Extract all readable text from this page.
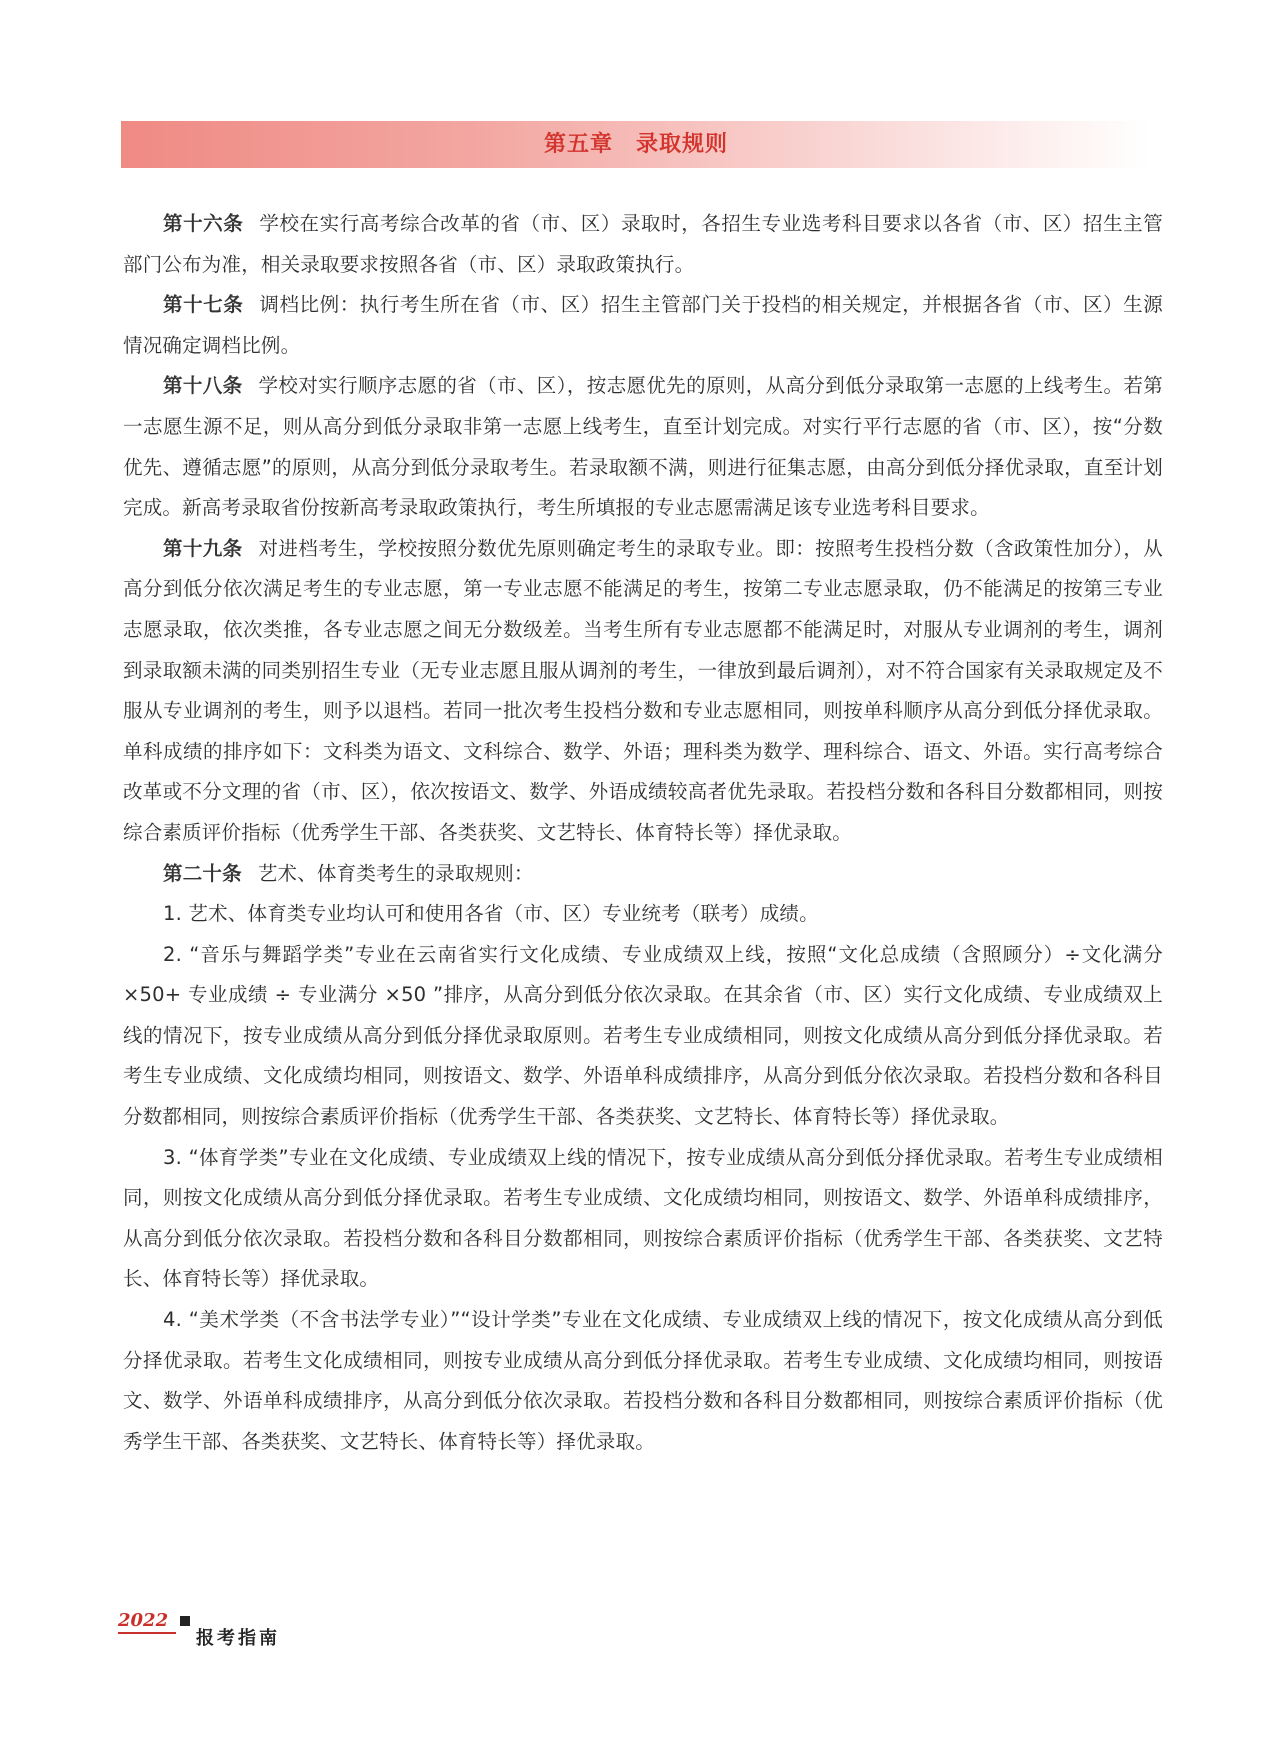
第五章　录取规则

第十六条 学校在实行高考综合改革的省（市、区）录取时，各招生专业选考科目要求以各省（市、区）招生主管部门公布为准，相关录取要求按照各省（市、区）录取政策执行。

第十七条 调档比例：执行考生所在省（市、区）招生主管部门关于投档的相关规定，并根据各省（市、区）生源情况确定调档比例。

第十八条 学校对实行顺序志愿的省（市、区），按志愿优先的原则，从高分到低分录取第一志愿的上线考生。若第一志愿生源不足，则从高分到低分录取非第一志愿上线考生，直至计划完成。对实行平行志愿的省（市、区），按“分数优先、遵循志愿”的原则，从高分到低分录取考生。若录取额不满，则进行征集志愿，由高分到低分择优录取，直至计划完成。新高考录取省份按新高考录取政策执行，考生所填报的专业志愿需满足该专业选考科目要求。

第十九条 对进档考生，学校按照分数优先原则确定考生的录取专业。即：按照考生投档分数（含政策性加分），从高分到低分依次满足考生的专业志愿，第一专业志愿不能满足的考生，按第二专业志愿录取，仍不能满足的按第三专业志愿录取，依次类推，各专业志愿之间无分数级差。当考生所有专业志愿都不能满足时，对服从专业调剂的考生，调剂到录取额未满的同类别招生专业（无专业志愿且服从调剂的考生，一律放到最后调剂），对不符合国家有关录取规定及不服从专业调剂的考生，则予以退档。若同一批次考生投档分数和专业志愿相同，则按单科顺序从高分到低分择优录取。单科成绩的排序如下：文科类为语文、文科综合、数学、外语；理科类为数学、理科综合、语文、外语。实行高考综合改革或不分文理的省（市、区），依次按语文、数学、外语成绩较高者优先录取。若投档分数和各科目分数都相同，则按综合素质评价指标（优秀学生干部、各类获奖、文艺特长、体育特长等）择优录取。

第二十条 艺术、体育类考生的录取规则：

1. 艺术、体育类专业均认可和使用各省（市、区）专业统考（联考）成绩。

2. “音乐与舞蹈学类”专业在云南省实行文化成绩、专业成绩双上线，按照“文化总成绩（含照顾分）÷文化满分 ×50+ 专业成绩 ÷ 专业满分 ×50 ”排序，从高分到低分依次录取。在其余省（市、区）实行文化成绩、专业成绩双上线的情况下，按专业成绩从高分到低分择优录取原则。若考生专业成绩相同，则按文化成绩从高分到低分择优录取。若考生专业成绩、文化成绩均相同，则按语文、数学、外语单科成绩排序，从高分到低分依次录取。若投档分数和各科目分数都相同，则按综合素质评价指标（优秀学生干部、各类获奖、文艺特长、体育特长等）择优录取。

3. “体育学类”专业在文化成绩、专业成绩双上线的情况下，按专业成绩从高分到低分择优录取。若考生专业成绩相同，则按文化成绩从高分到低分择优录取。若考生专业成绩、文化成绩均相同，则按语文、数学、外语单科成绩排序，从高分到低分依次录取。若投档分数和各科目分数都相同，则按综合素质评价指标（优秀学生干部、各类获奖、文艺特长、体育特长等）择优录取。

4. “美术学类（不含书法学专业）”“设计学类”专业在文化成绩、专业成绩双上线的情况下，按文化成绩从高分到低分择优录取。若考生文化成绩相同，则按专业成绩从高分到低分择优录取。若考生专业成绩、文化成绩均相同，则按语文、数学、外语单科成绩排序，从高分到低分依次录取。若投档分数和各科目分数都相同，则按综合素质评价指标（优秀学生干部、各类获奖、文艺特长、体育特长等）择优录取。

2022
报考指南
